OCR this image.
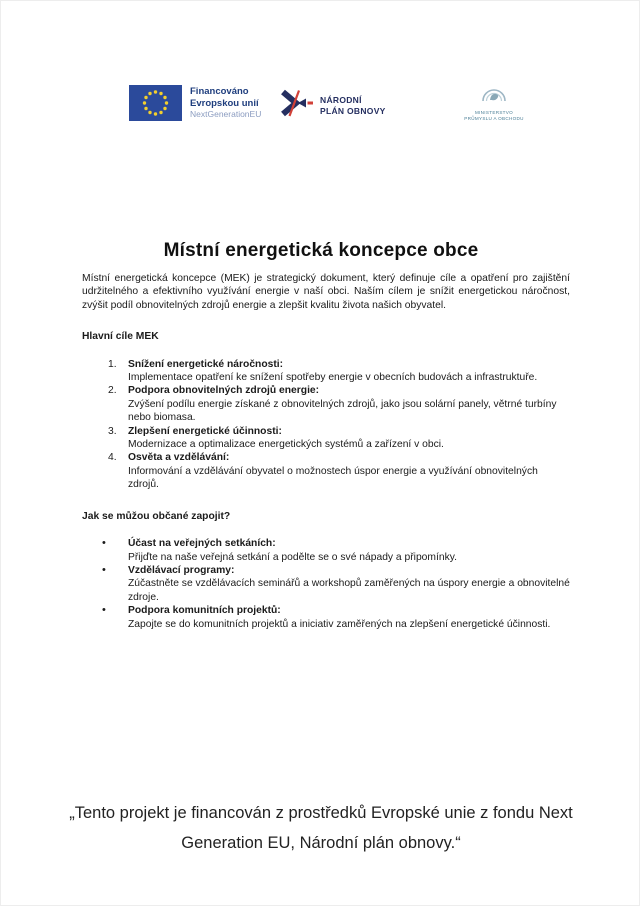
Financováno
Evropskou unií
NextGenerationEU
NÁRODNÍ
PLÁN OBNOVY	MINISTERSTVO
PRŮMYSLU A OBCHODU
Místní energetická koncepce obce

Místní energetická koncepce (MEK) je strategický dokument, který definuje cíle a opatření pro zajištění udržitelného a efektivního využívání energie v naší obci. Naším cílem je snížit energetickou náročnost, zvýšit podíl obnovitelných zdrojů energie a zlepšit kvalitu života našich obyvatel.

Hlavní cíle MEK
1. Snížení energetické náročnosti:
Implementace opatření ke snížení spotřeby energie v obecních budovách a infrastruktuře.
2. Podpora obnovitelných zdrojů energie:
Zvýšení podílu energie získané z obnovitelných zdrojů, jako jsou solární panely, větrné turbíny nebo biomasa.
3. Zlepšení energetické účinnosti:
Modernizace a optimalizace energetických systémů a zařízení v obci.
4. Osvěta a vzdělávání:
Informování a vzdělávání obyvatel o možnostech úspor energie a využívání obnovitelných zdrojů.
Jak se můžou občané zapojit?
• Účast na veřejných setkáních:
Přijďte na naše veřejná setkání a podělte se o své nápady a připomínky.
• Vzdělávací programy:
Zúčastněte se vzdělávacích seminářů a workshopů zaměřených na úspory energie a obnovitelné zdroje.
• Podpora komunitních projektů:
Zapojte se do komunitních projektů a iniciativ zaměřených na zlepšení energetické účinnosti.
„Tento projekt je financován z prostředků Evropské unie z fondu Next Generation EU, Národní plán obnovy.“
